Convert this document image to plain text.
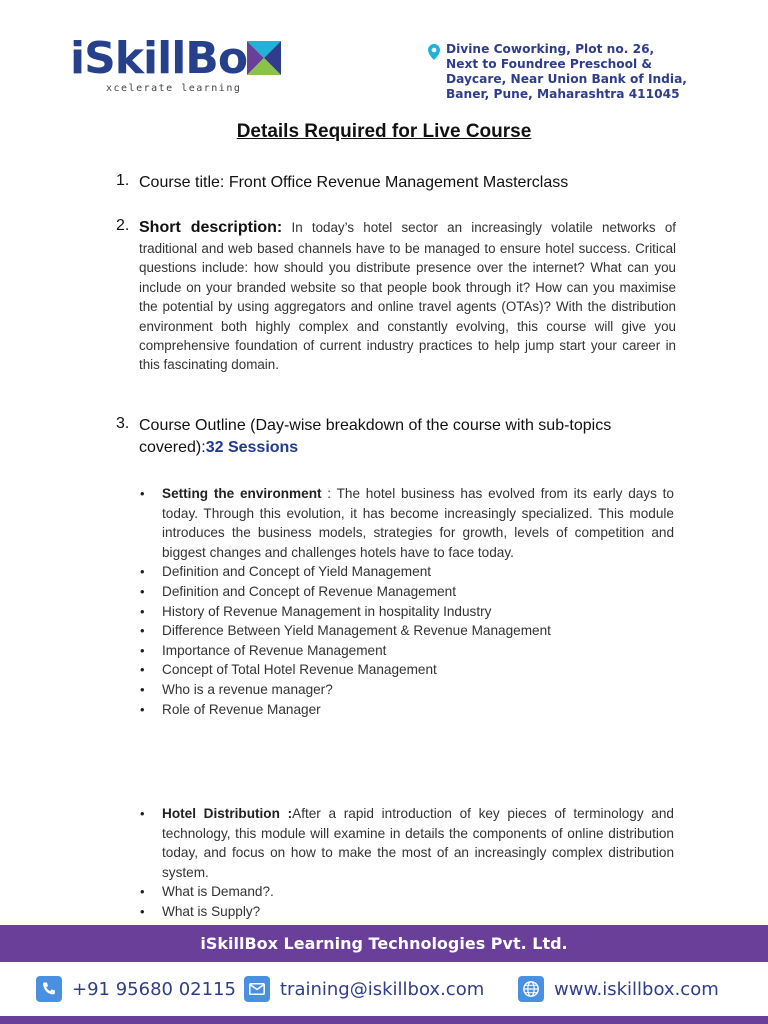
iSkillBo
xcelerate learning
Divine Coworking, Plot no. 26,
Next to Foundree Preschool &
Daycare, Near Union Bank of India,
Baner, Pune, Maharashtra 411045
Details Required for Live Course
1. Course title: Front Office Revenue Management Masterclass
2. Short description: In today’s hotel sector an increasingly volatile networks of traditional and web based channels have to be managed to ensure hotel success. Critical questions include: how should you distribute presence over the internet? What can you include on your branded website so that people book through it? How can you maximise the potential by using aggregators and online travel agents (OTAs)? With the distribution environment both highly complex and constantly evolving, this course will give you comprehensive foundation of current industry practices to help jump start your career in this fascinating domain.
3. Course Outline (Day-wise breakdown of the course with sub-topics covered):32 Sessions
• Setting the environment : The hotel business has evolved from its early days to today. Through this evolution, it has become increasingly specialized. This module introduces the business models, strategies for growth, levels of competition and biggest changes and challenges hotels have to face today.
• Definition and Concept of Yield Management
• Definition and Concept of Revenue Management
• History of Revenue Management in hospitality Industry
• Difference Between Yield Management & Revenue Management
• Importance of Revenue Management
• Concept of Total Hotel Revenue Management
• Who is a revenue manager?
• Role of Revenue Manager
• Hotel Distribution :After a rapid introduction of key pieces of terminology and technology, this module will examine in details the components of online distribution today, and focus on how to make the most of an increasingly complex distribution system.
• What is Demand?.
• What is Supply?
iSkillBox Learning Technologies Pvt. Ltd.
+91 95680 02115 training@iskillbox.com	www.iskillbox.com
